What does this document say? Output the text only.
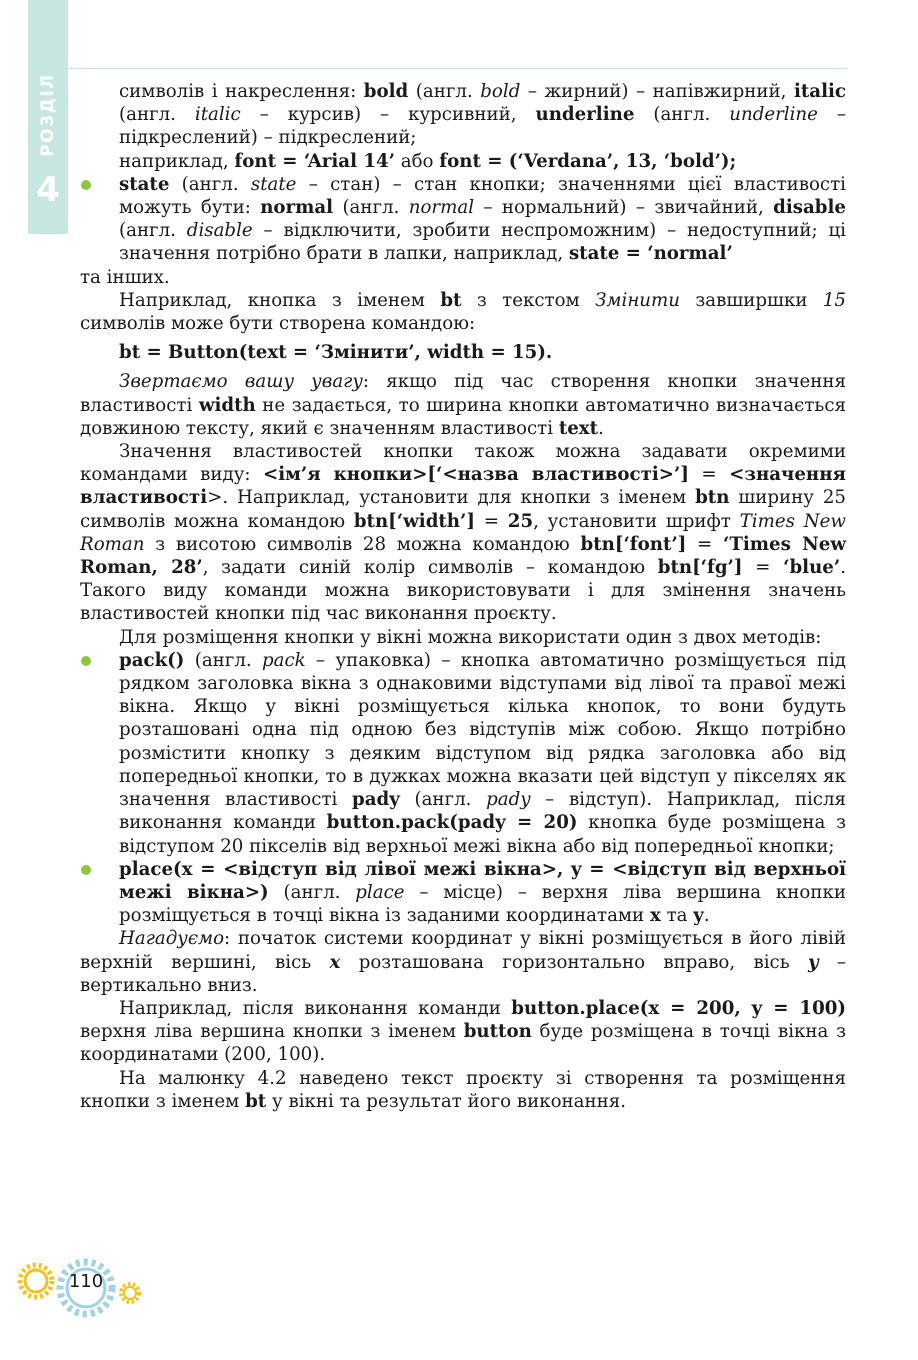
РОЗДІЛ
4

символів і накреслення: bold (англ. bold – жирний) – напівжирний, italic (англ. italic – курсив) – курсивний, underline (англ. underline – підкреслений) – підкреслений;

наприклад, font = ‘Arial 14’ або font = (‘Verdana’, 13, ‘bold’);

state (англ. state – стан) – стан кнопки; значеннями цієї властивості можуть бути: normal (англ. normal – нормальний) – звичайний, disable (англ. disable – відключити, зробити неспроможним) – недоступний; ці значення потрібно брати в лапки, наприклад, state = ‘normal’

та інших.

Наприклад, кнопка з іменем bt з текстом Змінити завширшки 15 символів може бути створена командою:

bt = Button(text = ‘Змінити’, width = 15).

Звертаємо вашу увагу: якщо під час створення кнопки значення властивості width не задається, то ширина кнопки автоматично визначається довжиною тексту, який є значенням властивості text.

Значення властивостей кнопки також можна задавати окремими командами виду: <ім’я кнопки>[‘<назва властивості>’] = <значення властивості>. Наприклад, установити для кнопки з іменем btn ширину 25 символів можна командою btn[‘width’] = 25, установити шрифт Times New Roman з висотою символів 28 можна командою btn[‘font’] = ‘Times New Roman, 28’, задати синій колір символів – командою btn[‘fg’] = ‘blue’. Такого виду команди можна використовувати і для змінення значень властивостей кнопки під час виконання проєкту.

Для розміщення кнопки у вікні можна використати один з двох методів:

pack() (англ. pack – упаковка) – кнопка автоматично розміщується під рядком заголовка вікна з однаковими відступами від лівої та правої межі вікна. Якщо у вікні розміщується кілька кнопок, то вони будуть розташовані одна під одною без відступів між собою. Якщо потрібно розмістити кнопку з деяким відступом від рядка заголовка або від попередньої кнопки, то в дужках можна вказати цей відступ у пікселях як значення властивості pady (англ. pady – відступ). Наприклад, після виконання команди button.pack(pady = 20) кнопка буде розміщена з відступом 20 пікселів від верхньої межі вікна або від попередньої кнопки;

place(x = <відступ від лівої межі вікна>, y = <відступ від верхньої межі вікна>) (англ. place – місце) – верхня ліва вершина кнопки розміщується в точці вікна із заданими координатами x та y.

Нагадуємо: початок системи координат у вікні розміщується в його лівій верхній вершині, вісь x розташована горизонтально вправо, вісь y – вертикально вниз.

Наприклад, після виконання команди button.place(x = 200, y = 100) верхня ліва вершина кнопки з іменем button буде розміщена в точці вікна з координатами (200, 100).

На малюнку 4.2 наведено текст проєкту зі створення та розміщення кнопки з іменем bt у вікні та результат його виконання.

110
